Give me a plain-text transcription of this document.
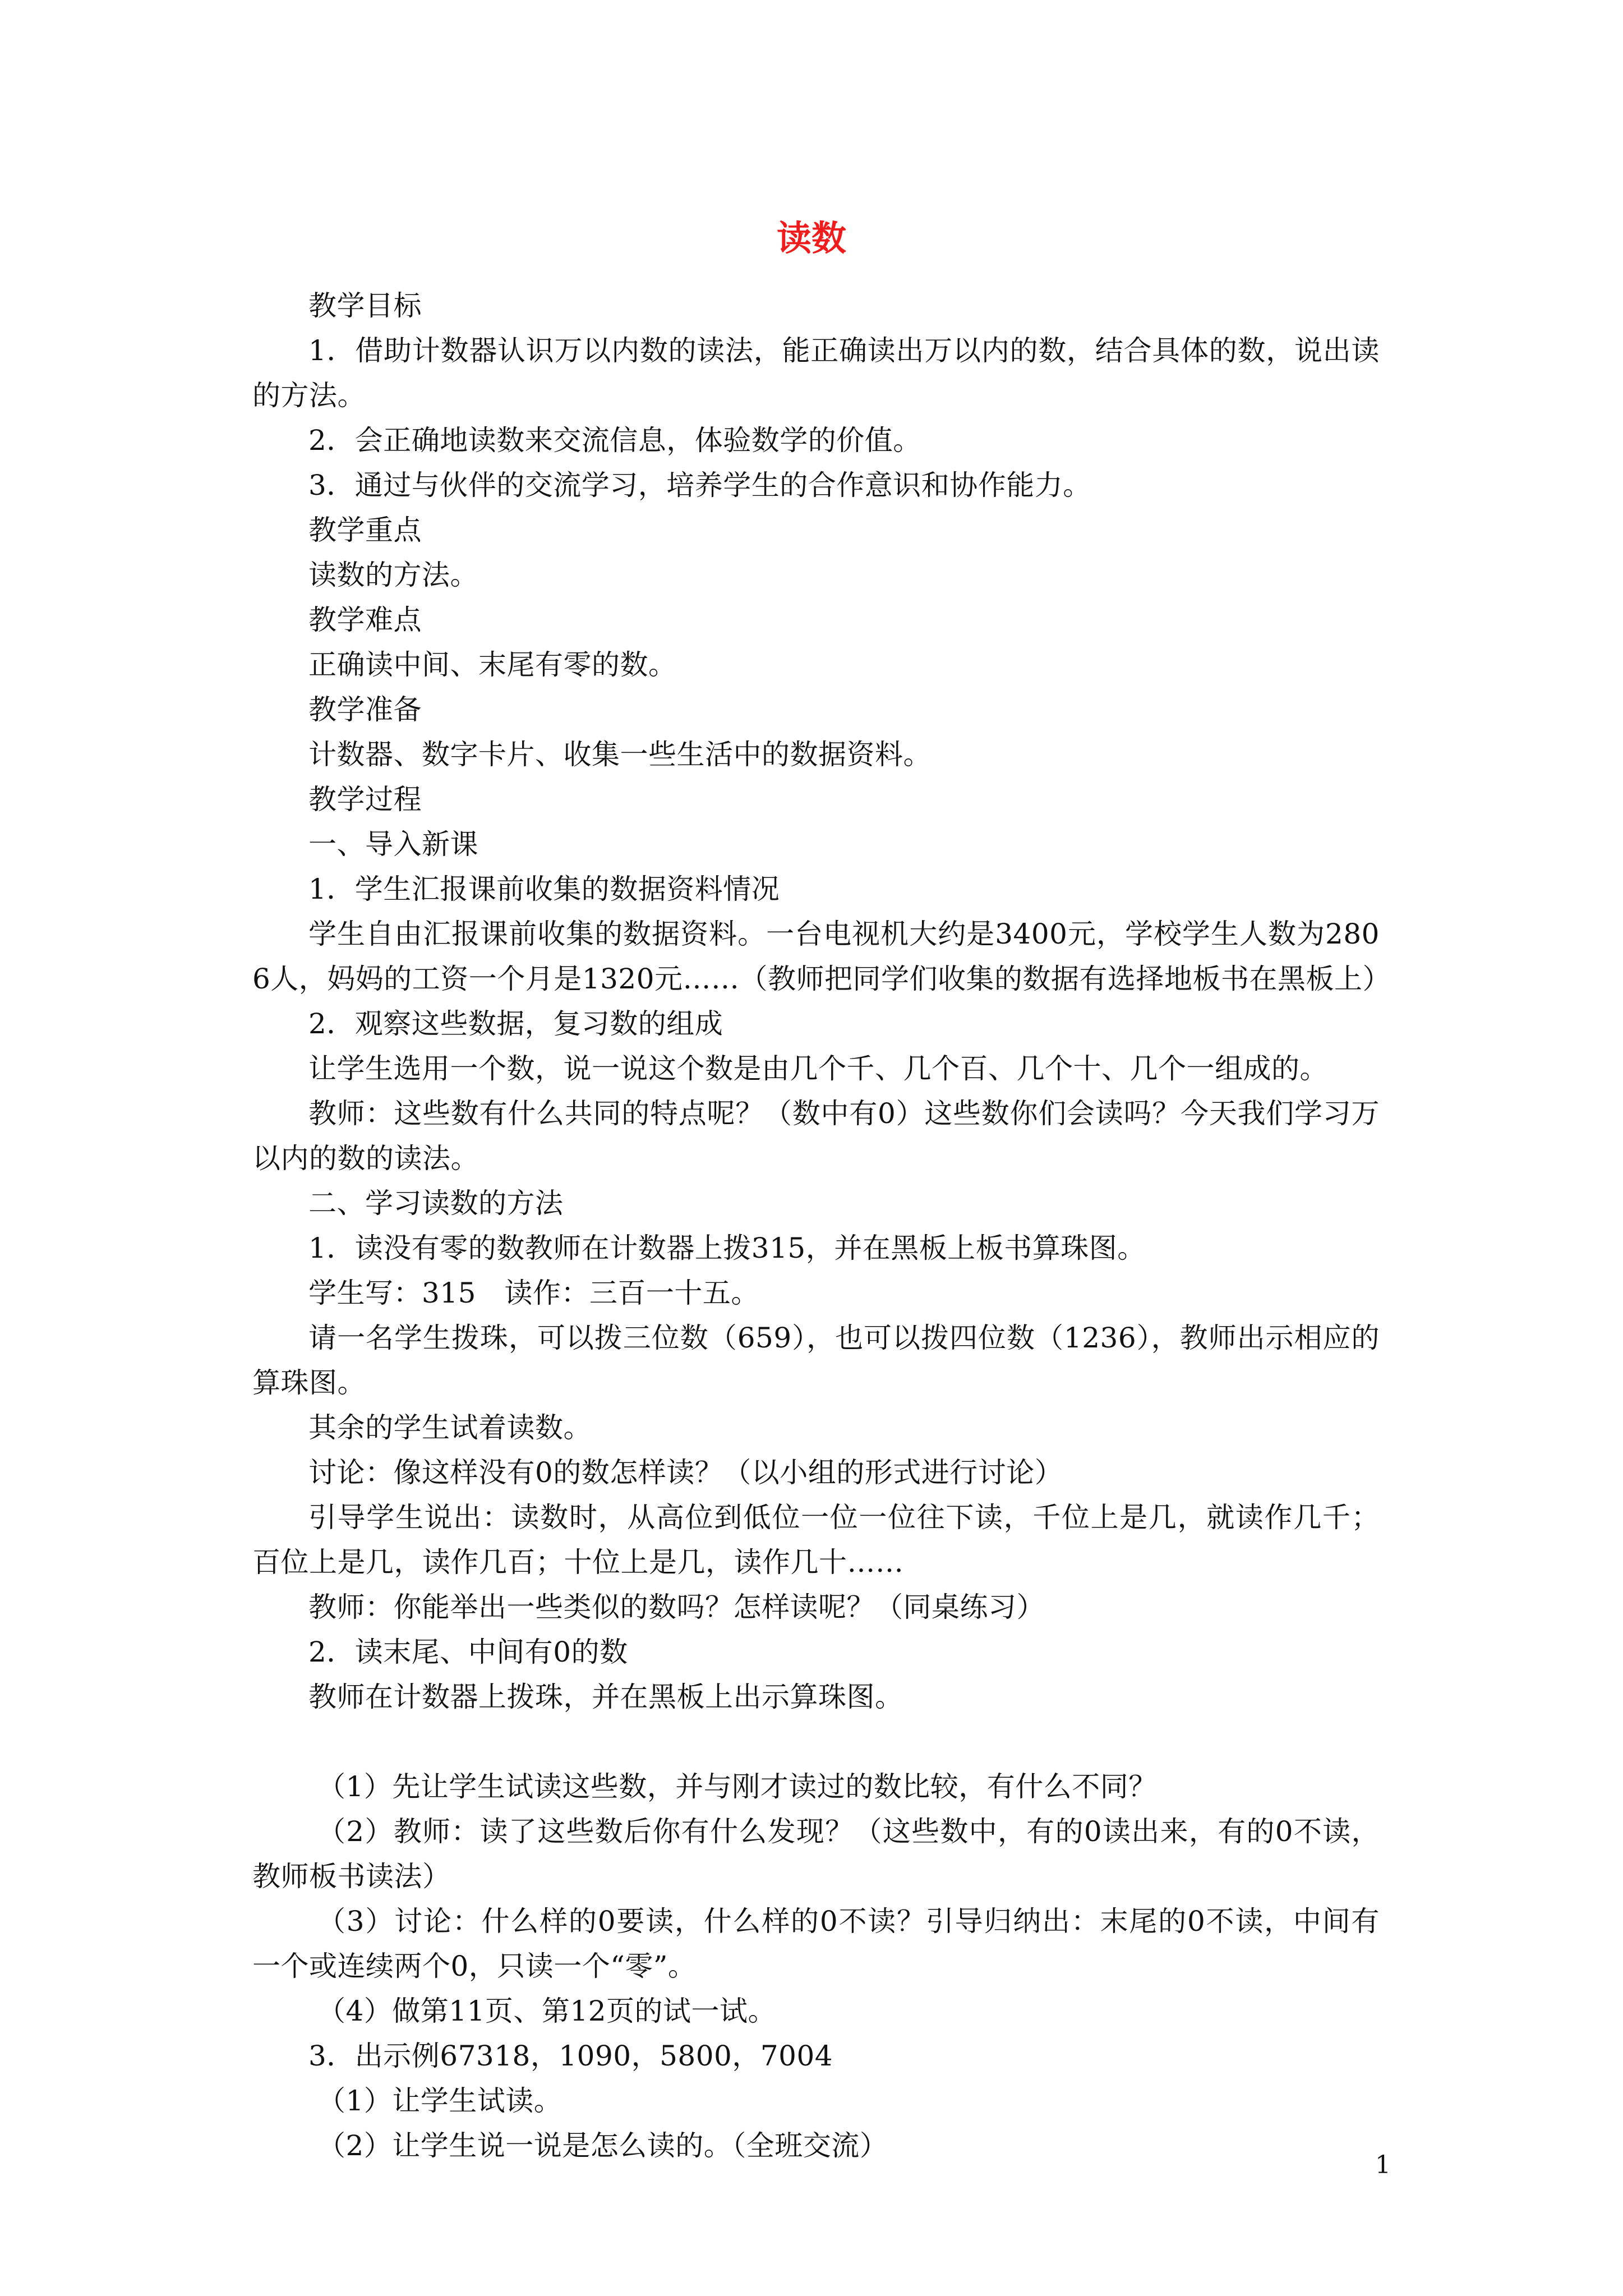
读数

教学目标

1．借助计数器认识万以内数的读法，能正确读出万以内的数，结合具体的数，说出读的方法。

2．会正确地读数来交流信息，体验数学的价值。

3．通过与伙伴的交流学习，培养学生的合作意识和协作能力。

教学重点

读数的方法。

教学难点

正确读中间、末尾有零的数。

教学准备

计数器、数字卡片、收集一些生活中的数据资料。

教学过程

一、导入新课

1．学生汇报课前收集的数据资料情况

学生自由汇报课前收集的数据资料。一台电视机大约是3400元，学校学生人数为2806人，妈妈的工资一个月是1320元……（教师把同学们收集的数据有选择地板书在黑板上）

2．观察这些数据，复习数的组成

让学生选用一个数，说一说这个数是由几个千、几个百、几个十、几个一组成的。

教师：这些数有什么共同的特点呢？（数中有0）这些数你们会读吗？今天我们学习万以内的数的读法。

二、学习读数的方法

1．读没有零的数教师在计数器上拨315，并在黑板上板书算珠图。

学生写：315　读作：三百一十五。

请一名学生拨珠，可以拨三位数（659），也可以拨四位数（1236），教师出示相应的算珠图。

其余的学生试着读数。

讨论：像这样没有0的数怎样读？（以小组的形式进行讨论）

引导学生说出：读数时，从高位到低位一位一位往下读，千位上是几，就读作几千；百位上是几，读作几百；十位上是几，读作几十……

教师：你能举出一些类似的数吗？怎样读呢？（同桌练习）

2．读末尾、中间有0的数

教师在计数器上拨珠，并在黑板上出示算珠图。

（1）先让学生试读这些数，并与刚才读过的数比较，有什么不同？

（2）教师：读了这些数后你有什么发现？（这些数中，有的0读出来，有的0不读，教师板书读法）

（3）讨论：什么样的0要读，什么样的0不读？引导归纳出：末尾的0不读，中间有一个或连续两个0，只读一个“零”。

（4）做第11页、第12页的试一试。

3．出示例67318，1090，5800，7004

（1）让学生试读。

（2）让学生说一说是怎么读的。（全班交流）

1
